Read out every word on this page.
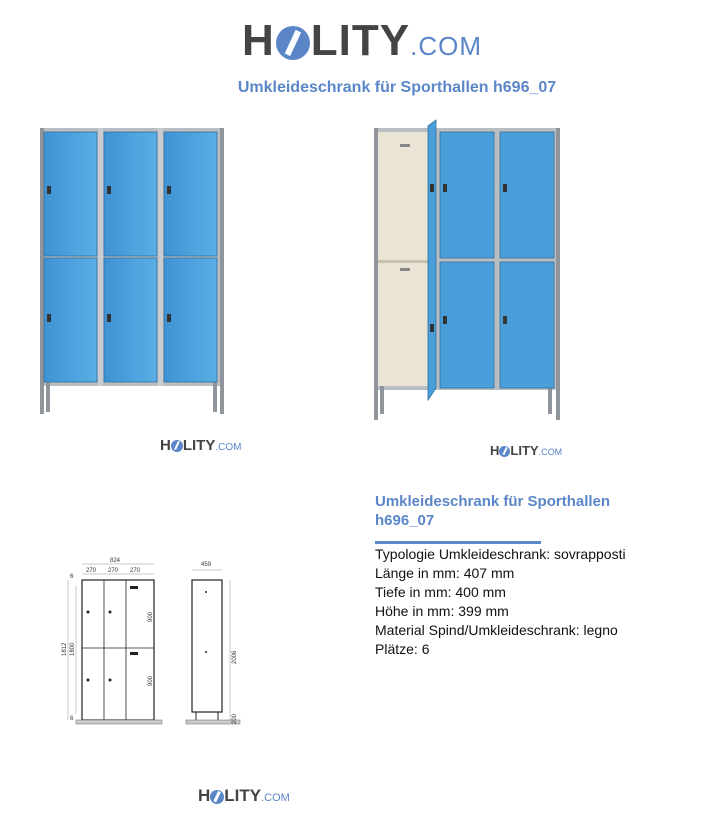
H LITY.COM
Umkleideschrank für Sporthallen h696_07
H LITY.COM	H LITY.COM
824
270 270 270
6
6
1812 1800
900
900
459
2006
200
H LITY.COM
Umkleideschrank für Sporthallen
h696_07
Typologie Umkleideschrank: sovrapposti
Länge in mm: 407 mm
Tiefe in mm: 400 mm
Höhe in mm: 399 mm
Material Spind/Umkleideschrank: legno
Plätze: 6
